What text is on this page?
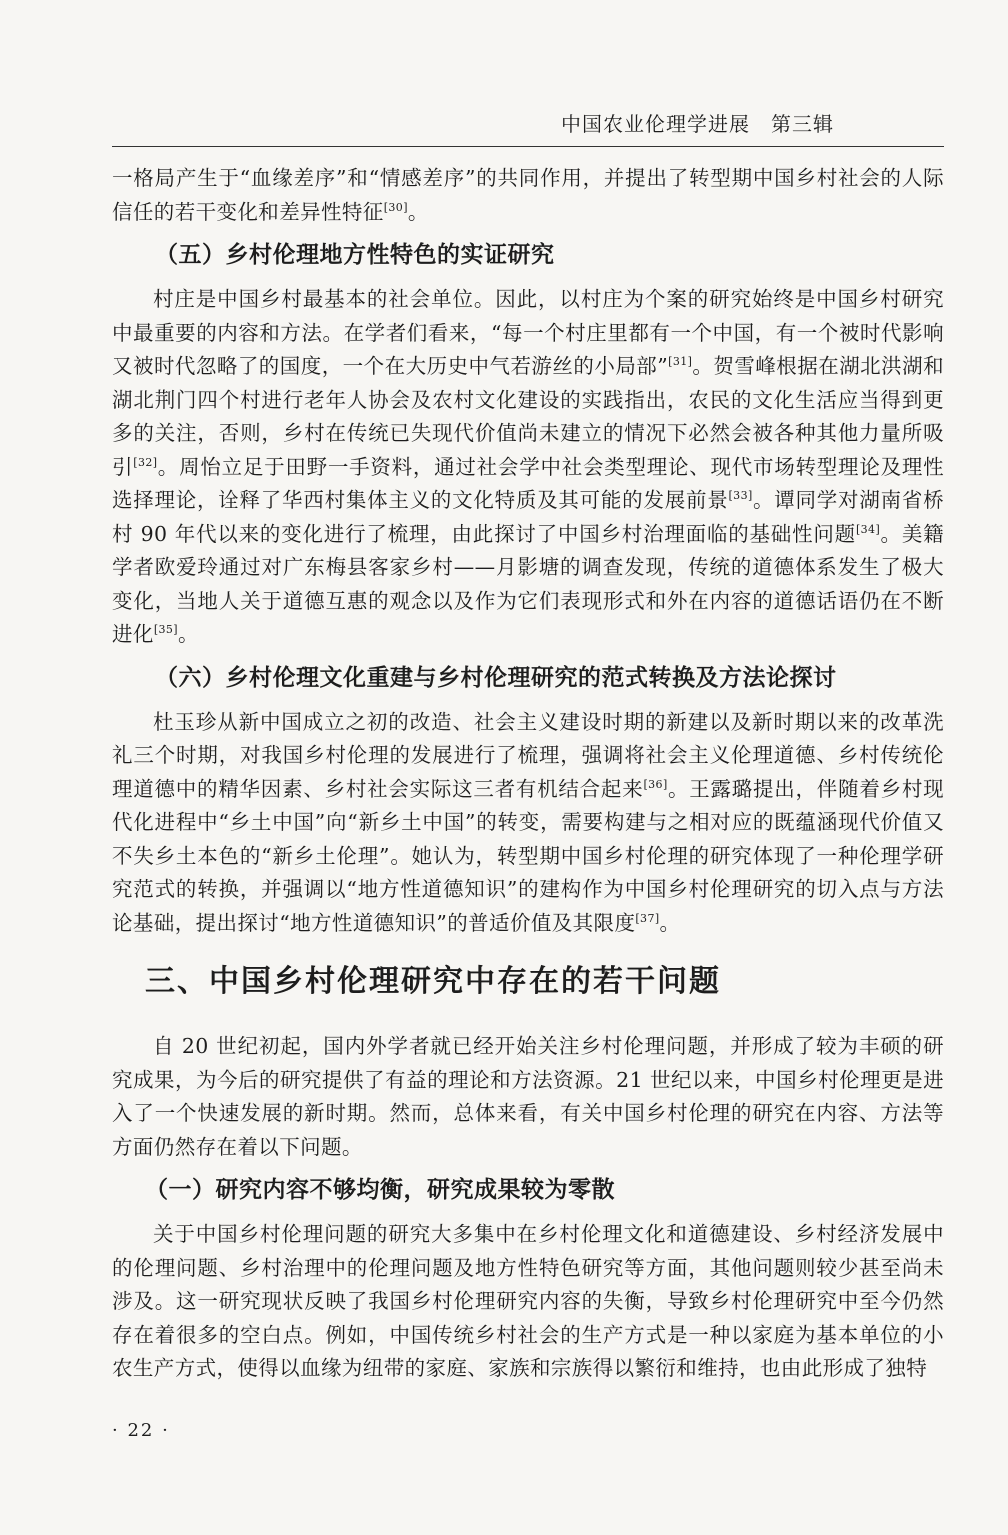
中国农业伦理学进展　第三辑

一格局产生于“血缘差序”和“情感差序”的共同作用，并提出了转型期中国乡村社会的人际信任的若干变化和差异性特征[30]。

（五）乡村伦理地方性特色的实证研究

村庄是中国乡村最基本的社会单位。因此，以村庄为个案的研究始终是中国乡村研究中最重要的内容和方法。在学者们看来，“每一个村庄里都有一个中国，有一个被时代影响又被时代忽略了的国度，一个在大历史中气若游丝的小局部”[31]。贺雪峰根据在湖北洪湖和湖北荆门四个村进行老年人协会及农村文化建设的实践指出，农民的文化生活应当得到更多的关注，否则，乡村在传统已失现代价值尚未建立的情况下必然会被各种其他力量所吸引[32]。周怡立足于田野一手资料，通过社会学中社会类型理论、现代市场转型理论及理性选择理论，诠释了华西村集体主义的文化特质及其可能的发展前景[33]。谭同学对湖南省桥村 90 年代以来的变化进行了梳理，由此探讨了中国乡村治理面临的基础性问题[34]。美籍学者欧爱玲通过对广东梅县客家乡村——月影塘的调查发现，传统的道德体系发生了极大变化，当地人关于道德互惠的观念以及作为它们表现形式和外在内容的道德话语仍在不断进化[35]。

（六）乡村伦理文化重建与乡村伦理研究的范式转换及方法论探讨

杜玉珍从新中国成立之初的改造、社会主义建设时期的新建以及新时期以来的改革洗礼三个时期，对我国乡村伦理的发展进行了梳理，强调将社会主义伦理道德、乡村传统伦理道德中的精华因素、乡村社会实际这三者有机结合起来[36]。王露璐提出，伴随着乡村现代化进程中“乡土中国”向“新乡土中国”的转变，需要构建与之相对应的既蕴涵现代价值又不失乡土本色的“新乡土伦理”。她认为，转型期中国乡村伦理的研究体现了一种伦理学研究范式的转换，并强调以“地方性道德知识”的建构作为中国乡村伦理研究的切入点与方法论基础，提出探讨“地方性道德知识”的普适价值及其限度[37]。

三、中国乡村伦理研究中存在的若干问题

自 20 世纪初起，国内外学者就已经开始关注乡村伦理问题，并形成了较为丰硕的研究成果，为今后的研究提供了有益的理论和方法资源。21 世纪以来，中国乡村伦理更是进入了一个快速发展的新时期。然而，总体来看，有关中国乡村伦理的研究在内容、方法等方面仍然存在着以下问题。

（一）研究内容不够均衡，研究成果较为零散

关于中国乡村伦理问题的研究大多集中在乡村伦理文化和道德建设、乡村经济发展中的伦理问题、乡村治理中的伦理问题及地方性特色研究等方面，其他问题则较少甚至尚未涉及。这一研究现状反映了我国乡村伦理研究内容的失衡，导致乡村伦理研究中至今仍然存在着很多的空白点。例如，中国传统乡村社会的生产方式是一种以家庭为基本单位的小农生产方式，使得以血缘为纽带的家庭、家族和宗族得以繁衍和维持，也由此形成了独特

· 22 ·
